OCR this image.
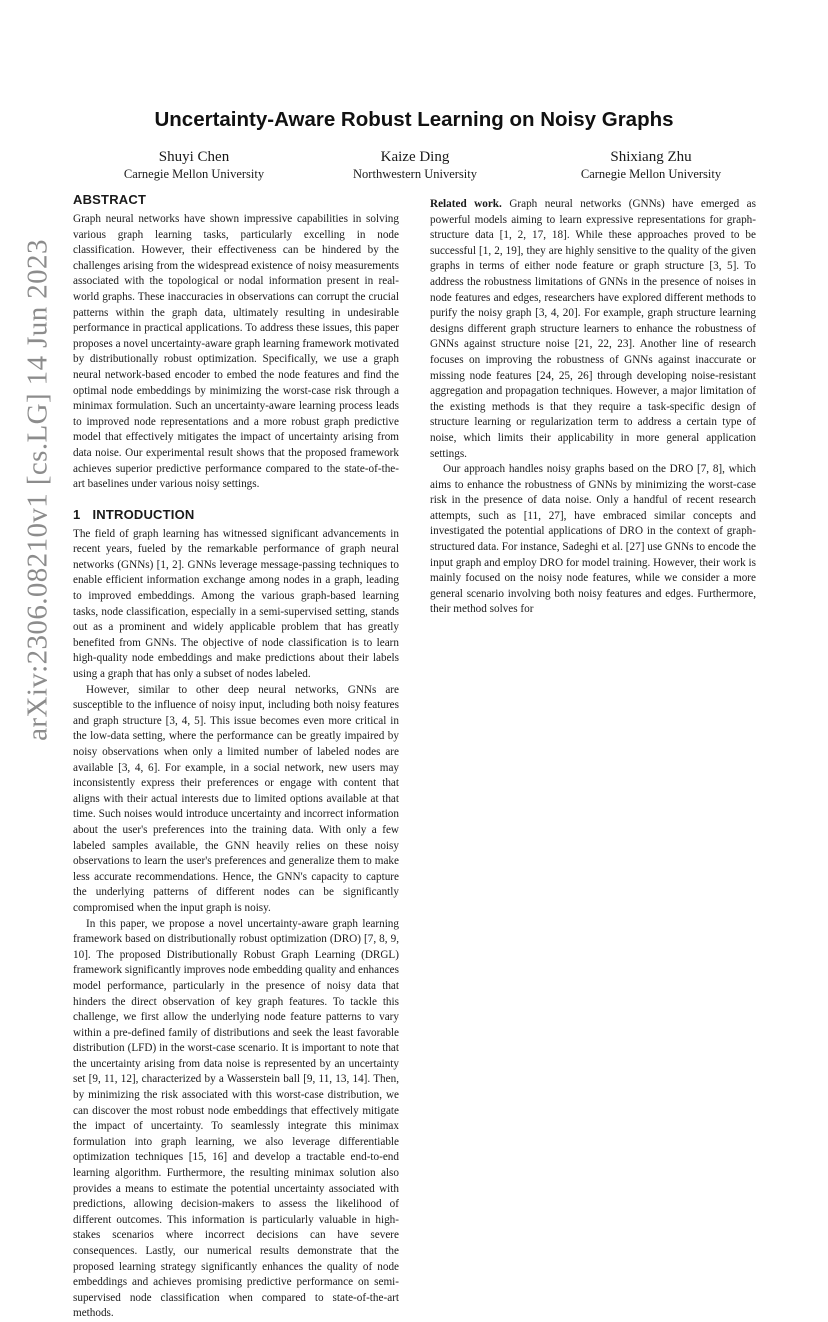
arXiv:2306.08210v1 [cs.LG] 14 Jun 2023
Uncertainty-Aware Robust Learning on Noisy Graphs
Shuyi Chen
Carnegie Mellon University
Kaize Ding
Northwestern University
Shixiang Zhu
Carnegie Mellon University
ABSTRACT

Graph neural networks have shown impressive capabilities in solving various graph learning tasks, particularly excelling in node classification. However, their effectiveness can be hindered by the challenges arising from the widespread existence of noisy measurements associated with the topological or nodal information present in real-world graphs. These inaccuracies in observations can corrupt the crucial patterns within the graph data, ultimately resulting in undesirable performance in practical applications. To address these issues, this paper proposes a novel uncertainty-aware graph learning framework motivated by distributionally robust optimization. Specifically, we use a graph neural network-based encoder to embed the node features and find the optimal node embeddings by minimizing the worst-case risk through a minimax formulation. Such an uncertainty-aware learning process leads to improved node representations and a more robust graph predictive model that effectively mitigates the impact of uncertainty arising from data noise. Our experimental result shows that the proposed framework achieves superior predictive performance compared to the state-of-the-art baselines under various noisy settings.

1 INTRODUCTION

The field of graph learning has witnessed significant advancements in recent years, fueled by the remarkable performance of graph neural networks (GNNs) [1, 2]. GNNs leverage message-passing techniques to enable efficient information exchange among nodes in a graph, leading to improved embeddings. Among the various graph-based learning tasks, node classification, especially in a semi-supervised setting, stands out as a prominent and widely applicable problem that has greatly benefited from GNNs. The objective of node classification is to learn high-quality node embeddings and make predictions about their labels using a graph that has only a subset of nodes labeled.

However, similar to other deep neural networks, GNNs are susceptible to the influence of noisy input, including both noisy features and graph structure [3, 4, 5]. This issue becomes even more critical in the low-data setting, where the performance can be greatly impaired by noisy observations when only a limited number of labeled nodes are available [3, 4, 6]. For example, in a social network, new users may inconsistently express their preferences or engage with content that aligns with their actual interests due to limited options available at that time. Such noises would introduce uncertainty and incorrect information about the user's preferences into the training data. With only a few labeled samples available, the GNN heavily relies on these noisy observations to learn the user's preferences and generalize them to make less accurate recommendations. Hence, the GNN's capacity to capture the underlying patterns of different nodes can be significantly compromised when the input graph is noisy.

In this paper, we propose a novel uncertainty-aware graph learning framework based on distributionally robust optimization (DRO) [7, 8, 9, 10]. The proposed Distributionally Robust Graph Learning (DRGL) framework significantly improves node embedding quality and enhances model performance, particularly in the presence of noisy data that hinders the direct observation of key graph features. To tackle this challenge, we first allow the underlying node feature patterns to vary within a pre-defined family of distributions and seek the least favorable distribution (LFD) in the worst-case scenario. It is important to note that the uncertainty arising from data noise is represented by an uncertainty set [9, 11, 12], characterized by a Wasserstein ball [9, 11, 13, 14]. Then, by minimizing the risk associated with this worst-case distribution, we can discover the most robust node embeddings that effectively mitigate the impact of uncertainty. To seamlessly integrate this minimax formulation into graph learning, we also leverage differentiable optimization techniques [15, 16] and develop a tractable end-to-end learning algorithm. Furthermore, the resulting minimax solution also provides a means to estimate the potential uncertainty associated with predictions, allowing decision-makers to assess the likelihood of different outcomes. This information is particularly valuable in high-stakes scenarios where incorrect decisions can have severe consequences. Lastly, our numerical results demonstrate that the proposed learning strategy significantly enhances the quality of node embeddings and achieves promising predictive performance on semi-supervised node classification when compared to state-of-the-art methods.

Related work. Graph neural networks (GNNs) have emerged as powerful models aiming to learn expressive representations for graph-structure data [1, 2, 17, 18]. While these approaches proved to be successful [1, 2, 19], they are highly sensitive to the quality of the given graphs in terms of either node feature or graph structure [3, 5]. To address the robustness limitations of GNNs in the presence of noises in node features and edges, researchers have explored different methods to purify the noisy graph [3, 4, 20]. For example, graph structure learning designs different graph structure learners to enhance the robustness of GNNs against structure noise [21, 22, 23]. Another line of research focuses on improving the robustness of GNNs against inaccurate or missing node features [24, 25, 26] through developing noise-resistant aggregation and propagation techniques. However, a major limitation of the existing methods is that they require a task-specific design of structure learning or regularization term to address a certain type of noise, which limits their applicability in more general application settings.

Our approach handles noisy graphs based on the DRO [7, 8], which aims to enhance the robustness of GNNs by minimizing the worst-case risk in the presence of data noise. Only a handful of recent research attempts, such as [11, 27], have embraced similar concepts and investigated the potential applications of DRO in the context of graph-structured data. For instance, Sadeghi et al. [27] use GNNs to encode the input graph and employ DRO for model training. However, their work is mainly focused on the noisy node features, while we consider a more general scenario involving both noisy features and edges. Furthermore, their method solves for
